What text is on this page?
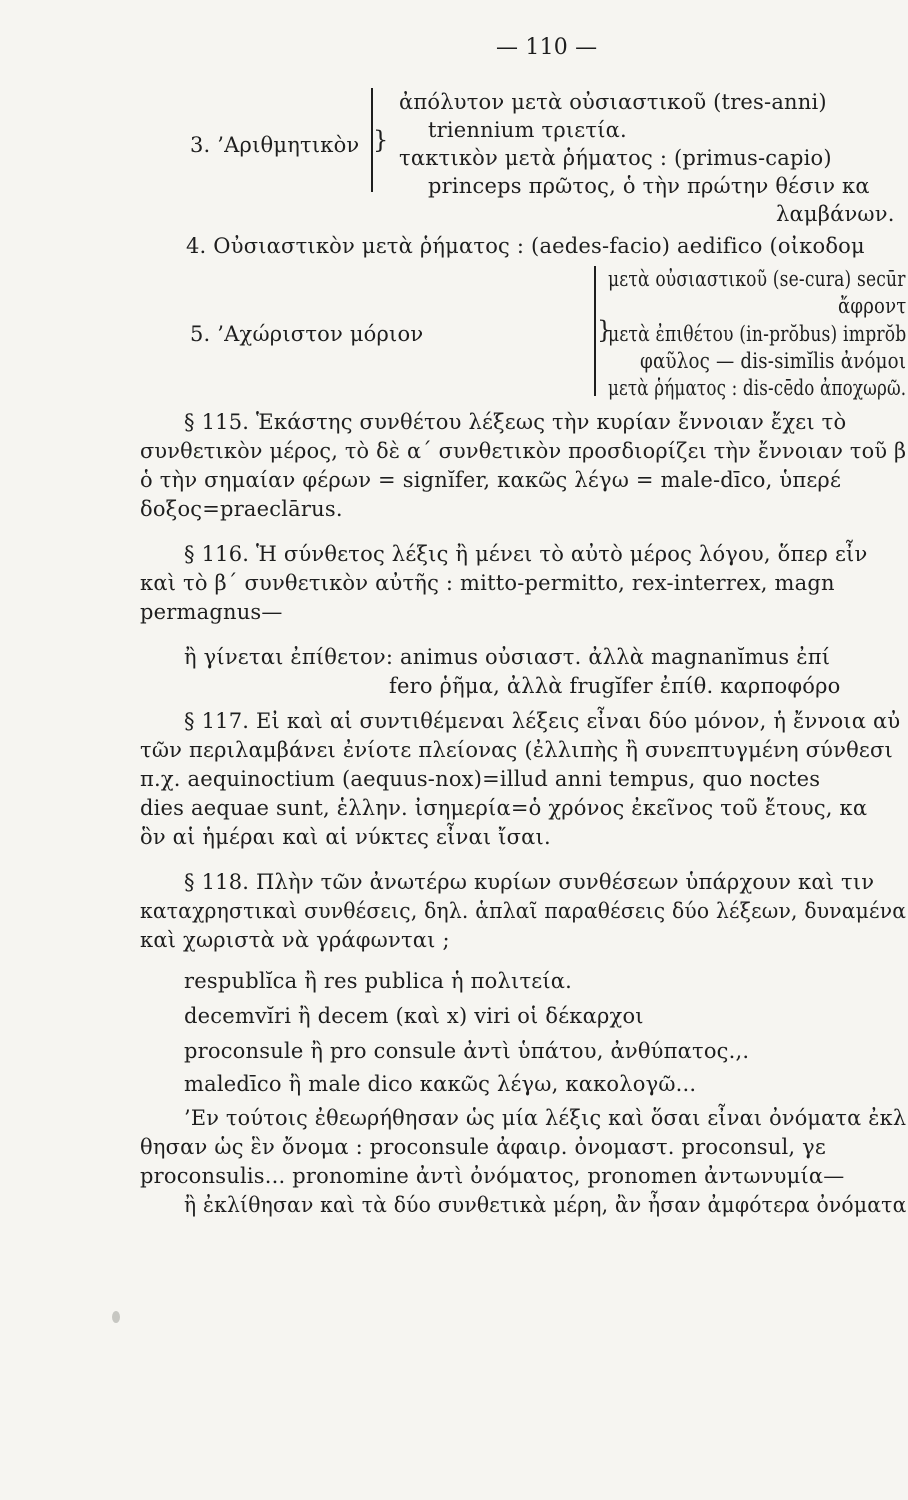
— 110 —
3. ’Αριθμητικὸν }
ἀπόλυτον μετὰ οὐσιαστικοῦ (tres-anni)
triennium τριετία.
τακτικὸν μετὰ ῥήματος : (primus-capio)
princeps πρῶτος, ὁ τὴν πρώτην θέσιν κα
λαμβάνων.
4. Οὐσιαστικὸν μετὰ ῥήματος : (aedes-facio) aedifico (οἰκοδομ
}
5. ’Αχώριστον μόριον
μετὰ οὐσιαστικοῦ (se-cura) secūr
ἄφροντ
μετὰ ἐπιθέτου (in-prŏbus) imprŏb
φαῦλος — dis-simĭlis ἀνόμοι
μετὰ ῥήματος : dis-cēdo ἀποχωρῶ.
§ 115. Ἑκάστης συνθέτου λέξεως τὴν κυρίαν ἔννοιαν ἔχει τὸ
συνθετικὸν μέρος, τὸ δὲ α΄ συνθετικὸν προσδιορίζει τὴν ἔννοιαν τοῦ β
ὁ τὴν σημαίαν φέρων = signĭfer, κακῶς λέγω = male-dīco, ὑπερέ
δοξος=praeclārus.
§ 116. Ἡ σύνθετος λέξις ἢ μένει τὸ αὐτὸ μέρος λόγου, ὅπερ εἶν
καὶ τὸ β΄ συνθετικὸν αὐτῆς : mitto-permitto, rex-interrex, magn
permagnus—
ἢ γίνεται ἐπίθετον: animus οὐσιαστ. ἀλλὰ magnanĭmus ἐπί
fero ῥῆμα, ἀλλὰ frugĭfer ἐπίθ. καρποφόρο
§ 117. Εἰ καὶ αἱ συντιθέμεναι λέξεις εἶναι δύο μόνον, ἡ ἔννοια αὐ
τῶν περιλαμβάνει ἐνίοτε πλείονας (ἐλλιπὴς ἢ συνεπτυγμένη σύνθεσι
π.χ. aequinoctium (aequus-nox)=illud anni tempus, quo noctes
dies aequae sunt, ἑλλην. ἰσημερία=ὁ χρόνος ἐκεῖνος τοῦ ἔτους, κα
ὃν αἱ ἡμέραι καὶ αἱ νύκτες εἶναι ἴσαι.
§ 118. Πλὴν τῶν ἀνωτέρω κυρίων συνθέσεων ὑπάρχουν καὶ τιν
καταχρηστικαὶ συνθέσεις, δηλ. ἁπλαῖ παραθέσεις δύο λέξεων, δυναμένα
καὶ χωριστὰ νὰ γράφωνται ;
respublĭca ἢ res publica ἡ πολιτεία.
decemvĭri ἢ decem (καὶ x) viri οἱ δέκαρχοι
proconsule ἢ pro consule ἀντὶ ὑπάτου, ἀνθύπατος.,.
maledīco ἢ male dico κακῶς λέγω, κακολογῶ...
’Εν τούτοις ἐθεωρήθησαν ὡς μία λέξις καὶ ὅσαι εἶναι ὀνόματα ἐκλ
θησαν ὡς ἓν ὄνομα : proconsule ἀφαιρ. ὀνομαστ. proconsul, γε
proconsulis... pronomine ἀντὶ ὀνόματος, pronomen ἀντωνυμία—
ἢ ἐκλίθησαν καὶ τὰ δύο συνθετικὰ μέρη, ἂν ἦσαν ἀμφότερα ὀνόματα
